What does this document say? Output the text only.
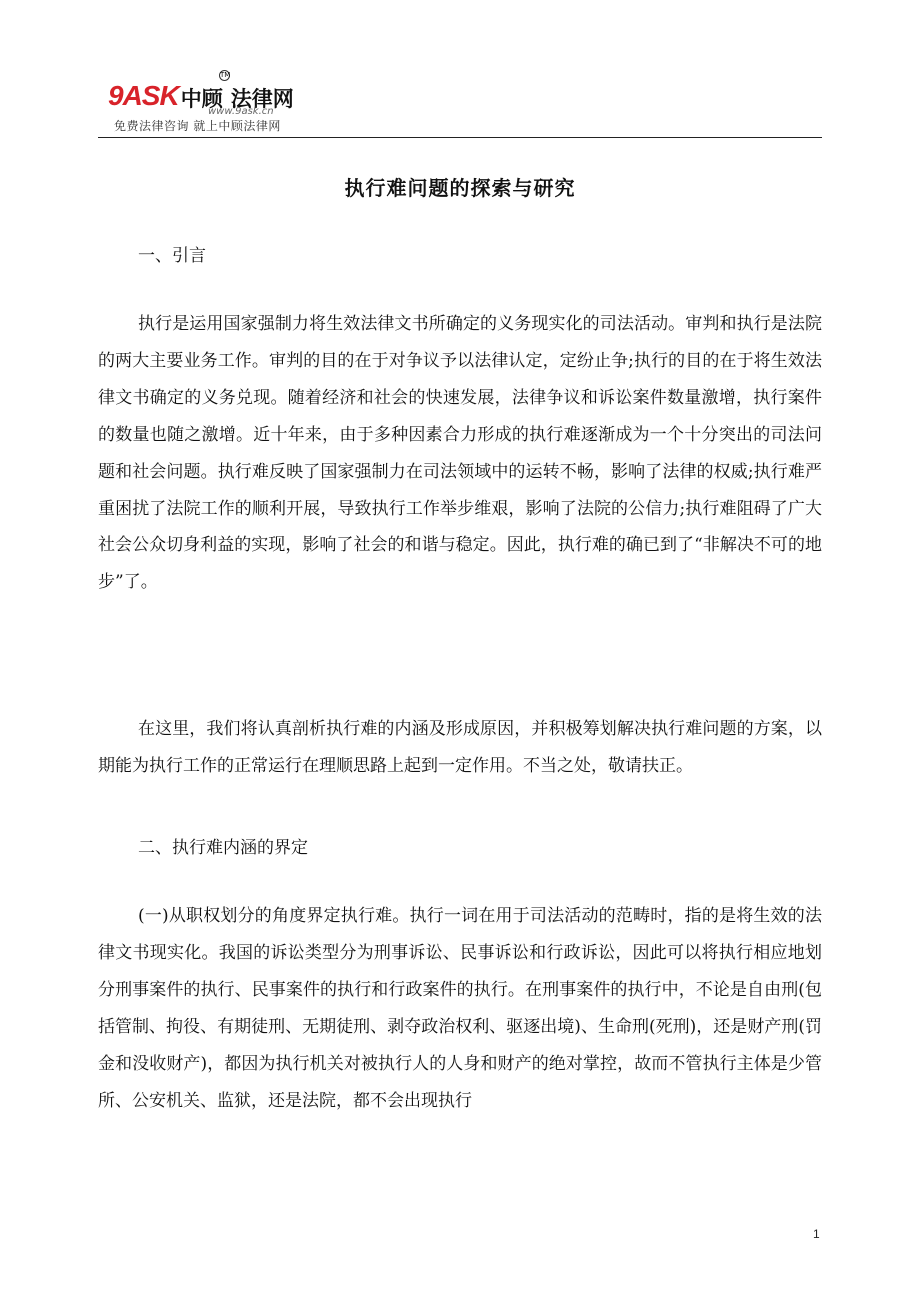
9ASK 中顾 法律网
TM
www.9ask.cn
免费法律咨询 就上中顾法律网
执行难问题的探索与研究
一、引言
执行是运用国家强制力将生效法律文书所确定的义务现实化的司法活动。审判和执行是法院的两大主要业务工作。审判的目的在于对争议予以法律认定，定纷止争;执行的目的在于将生效法律文书确定的义务兑现。随着经济和社会的快速发展，法律争议和诉讼案件数量激增，执行案件的数量也随之激增。近十年来，由于多种因素合力形成的执行难逐渐成为一个十分突出的司法问题和社会问题。执行难反映了国家强制力在司法领域中的运转不畅，影响了法律的权威;执行难严重困扰了法院工作的顺利开展，导致执行工作举步维艰，影响了法院的公信力;执行难阻碍了广大社会公众切身利益的实现，影响了社会的和谐与稳定。因此，执行难的确已到了“非解决不可的地步”了。
在这里，我们将认真剖析执行难的内涵及形成原因，并积极筹划解决执行难问题的方案，以期能为执行工作的正常运行在理顺思路上起到一定作用。不当之处，敬请扶正。
二、执行难内涵的界定
(一)从职权划分的角度界定执行难。执行一词在用于司法活动的范畴时，指的是将生效的法律文书现实化。我国的诉讼类型分为刑事诉讼、民事诉讼和行政诉讼，因此可以将执行相应地划分刑事案件的执行、民事案件的执行和行政案件的执行。在刑事案件的执行中，不论是自由刑(包括管制、拘役、有期徒刑、无期徒刑、剥夺政治权利、驱逐出境)、生命刑(死刑)，还是财产刑(罚金和没收财产)，都因为执行机关对被执行人的人身和财产的绝对掌控，故而不管执行主体是少管所、公安机关、监狱，还是法院，都不会出现执行
1
